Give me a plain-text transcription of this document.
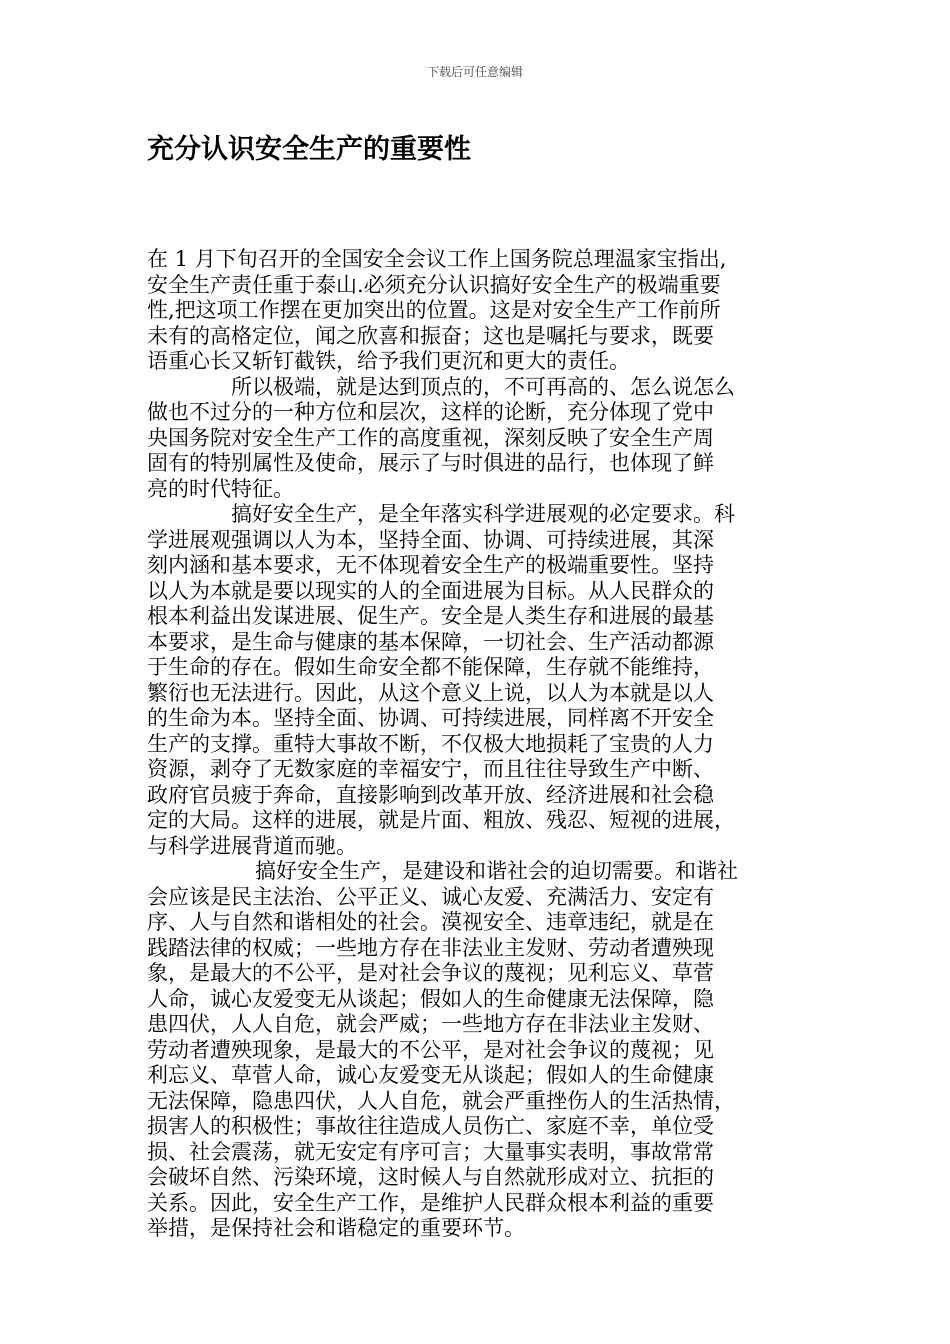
下载后可任意编辑
充分认识安全生产的重要性
在 1 月下旬召开的全国安全会议工作上国务院总理温家宝指出,
安全生产责任重于泰山.必须充分认识搞好安全生产的极端重要
性,把这项工作摆在更加突出的位置。这是对安全生产工作前所
未有的高格定位，闻之欣喜和振奋；这也是嘱托与要求，既要
语重心长又斩钉截铁，给予我们更沉和更大的责任。
所以极端，就是达到顶点的，不可再高的、怎么说怎么
做也不过分的一种方位和层次，这样的论断，充分体现了党中
央国务院对安全生产工作的高度重视，深刻反映了安全生产周
固有的特别属性及使命，展示了与时俱进的品行，也体现了鲜
亮的时代特征。
搞好安全生产，是全年落实科学进展观的必定要求。科
学进展观强调以人为本，坚持全面、协调、可持续进展，其深
刻内涵和基本要求，无不体现着安全生产的极端重要性。坚持
以人为本就是要以现实的人的全面进展为目标。从人民群众的
根本利益出发谋进展、促生产。安全是人类生存和进展的最基
本要求，是生命与健康的基本保障，一切社会、生产活动都源
于生命的存在。假如生命安全都不能保障，生存就不能维持，
繁衍也无法进行。因此，从这个意义上说，以人为本就是以人
的生命为本。坚持全面、协调、可持续进展，同样离不开安全
生产的支撑。重特大事故不断，不仅极大地损耗了宝贵的人力
资源，剥夺了无数家庭的幸福安宁，而且往往导致生产中断、
政府官员疲于奔命，直接影响到改革开放、经济进展和社会稳
定的大局。这样的进展，就是片面、粗放、残忍、短视的进展，
与科学进展背道而驰。
搞好安全生产，是建设和谐社会的迫切需要。和谐社
会应该是民主法治、公平正义、诚心友爱、充满活力、安定有
序、人与自然和谐相处的社会。漠视安全、违章违纪，就是在
践踏法律的权威；一些地方存在非法业主发财、劳动者遭殃现
象，是最大的不公平，是对社会争议的蔑视；见利忘义、草菅
人命，诚心友爱变无从谈起；假如人的生命健康无法保障，隐
患四伏，人人自危，就会严威；一些地方存在非法业主发财、
劳动者遭殃现象，是最大的不公平，是对社会争议的蔑视；见
利忘义、草菅人命，诚心友爱变无从谈起；假如人的生命健康
无法保障，隐患四伏，人人自危，就会严重挫伤人的生活热情，
损害人的积极性；事故往往造成人员伤亡、家庭不幸，单位受
损、社会震荡，就无安定有序可言；大量事实表明，事故常常
会破坏自然、污染环境，这时候人与自然就形成对立、抗拒的
关系。因此，安全生产工作，是维护人民群众根本利益的重要
举措，是保持社会和谐稳定的重要环节。
